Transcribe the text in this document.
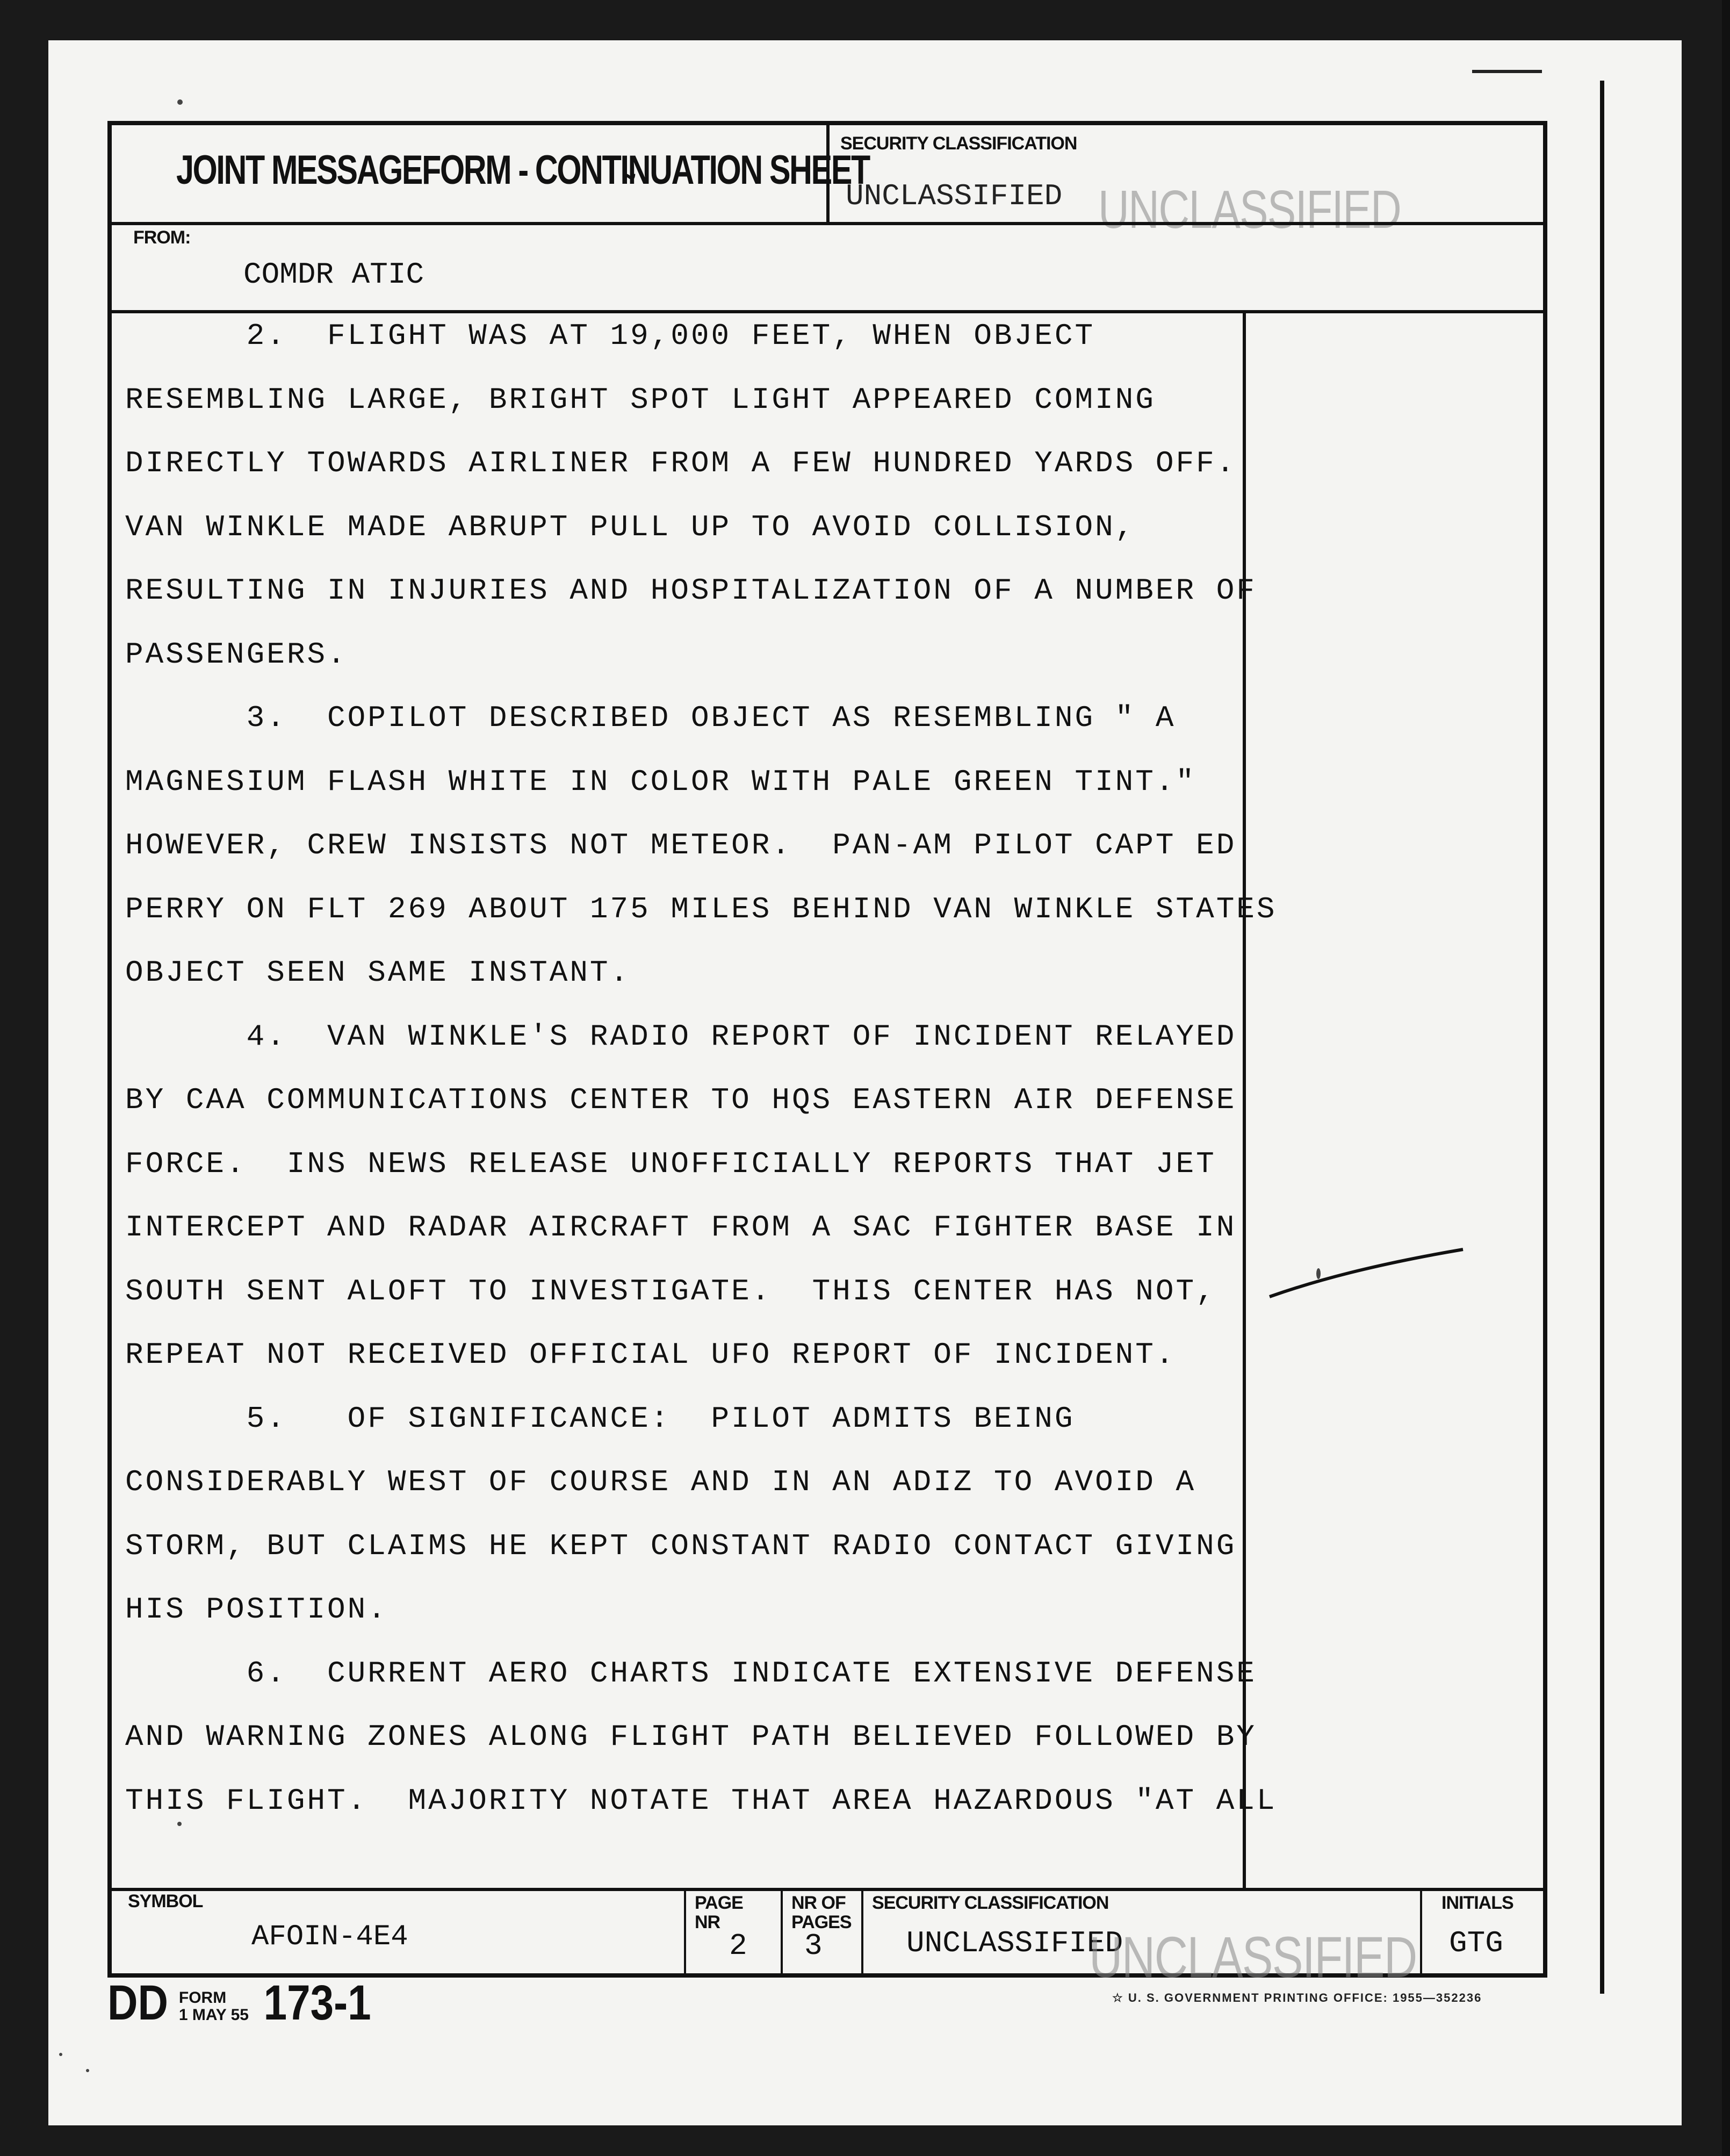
JOINT MESSAGEFORM - CONTI̴NUATION SHEET
SECURITY CLASSIFICATION
UNCLASSIFIED UNCLASSIFIED
FROM:
COMDR ATIC
2.  FLIGHT WAS AT 19,000 FEET, WHEN OBJECT
RESEMBLING LARGE, BRIGHT SPOT LIGHT APPEARED COMING
DIRECTLY TOWARDS AIRLINER FROM A FEW HUNDRED YARDS OFF.
VAN WINKLE MADE ABRUPT PULL UP TO AVOID COLLISION,
RESULTING IN INJURIES AND HOSPITALIZATION OF A NUMBER OF
PASSENGERS.
3.  COPILOT DESCRIBED OBJECT AS RESEMBLING " A
MAGNESIUM FLASH WHITE IN COLOR WITH PALE GREEN TINT."
HOWEVER, CREW INSISTS NOT METEOR.  PAN-AM PILOT CAPT ED
PERRY ON FLT 269 ABOUT 175 MILES BEHIND VAN WINKLE STATES
OBJECT SEEN SAME INSTANT.
4.  VAN WINKLE'S RADIO REPORT OF INCIDENT RELAYED
BY CAA COMMUNICATIONS CENTER TO HQS EASTERN AIR DEFENSE
FORCE.  INS NEWS RELEASE UNOFFICIALLY REPORTS THAT JET
INTERCEPT AND RADAR AIRCRAFT FROM A SAC FIGHTER BASE IN
SOUTH SENT ALOFT TO INVESTIGATE.  THIS CENTER HAS NOT,
REPEAT NOT RECEIVED OFFICIAL UFO REPORT OF INCIDENT.
5.   OF SIGNIFICANCE:  PILOT ADMITS BEING
CONSIDERABLY WEST OF COURSE AND IN AN ADIZ TO AVOID A
STORM, BUT CLAIMS HE KEPT CONSTANT RADIO CONTACT GIVING
HIS POSITION.
6.  CURRENT AERO CHARTS INDICATE EXTENSIVE DEFENSE
AND WARNING ZONES ALONG FLIGHT PATH BELIEVED FOLLOWED BY
THIS FLIGHT.  MAJORITY NOTATE THAT AREA HAZARDOUS "AT ALL
SYMBOL
AFOIN-4E4
PAGE
NR
2
NR OF
PAGES
3
SECURITY CLASSIFICATION
UNCLASSIFIED
UNCLASSIFIED
INITIALS
GTG
DD FORM
1 MAY 55 173-1	☆ U. S. GOVERNMENT PRINTING OFFICE: 1955—352236
